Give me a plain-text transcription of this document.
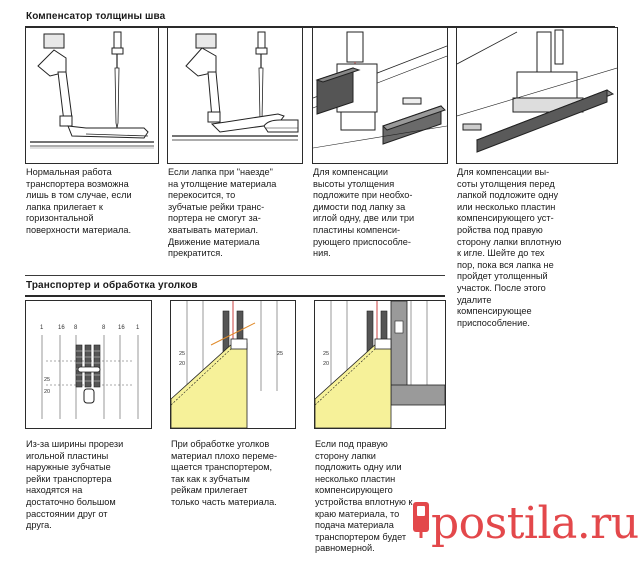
Компенсатор толщины шва
Нормальная работа
транспортера возможна
лишь в том случае, если
лапка прилегает к
горизонтальной
поверхности материала.
Если лапка при "наезде"
на утолщение материала
перекосится, то
зубчатые рейки транс-
портера не смогут за-
хватывать материал.
Движение материала
прекратится.
Для компенсации
высоты утолщения
подложите при необхо-
димости под лапку за
иглой одну, две или три
пластины компенси-
рующего приспособле-
ния.
Для компенсации вы-
соты утолщения перед
лапкой подложите одну
или несколько пластин
компенсирующего уст-
ройства под правую
сторону лапки вплотную
к игле. Шейте до тех
пор, пока вся лапка не
пройдет утолщенный
участок. После этого
удалите
компенсирующее
приспособление.
Транспортер и обработка уголков
1 16 8	8 16 1
25
20
Из-за ширины прорези
игольной пластины
наружные зубчатые
рейки транспортера
находятся на
достаточно большом
расстоянии друг от
друга.
25
20
25
При обработке уголков
материал плохо переме-
щается транспортером,
так как к зубчатым
рейкам прилегает
только часть материала.
25
20
Если под правую
сторону лапки
подложить одну или
несколько пластин
компенсирующего
устройства вплотную к
краю материала, то
подача материала
транспортером будет
равномерной.	postila.ru
